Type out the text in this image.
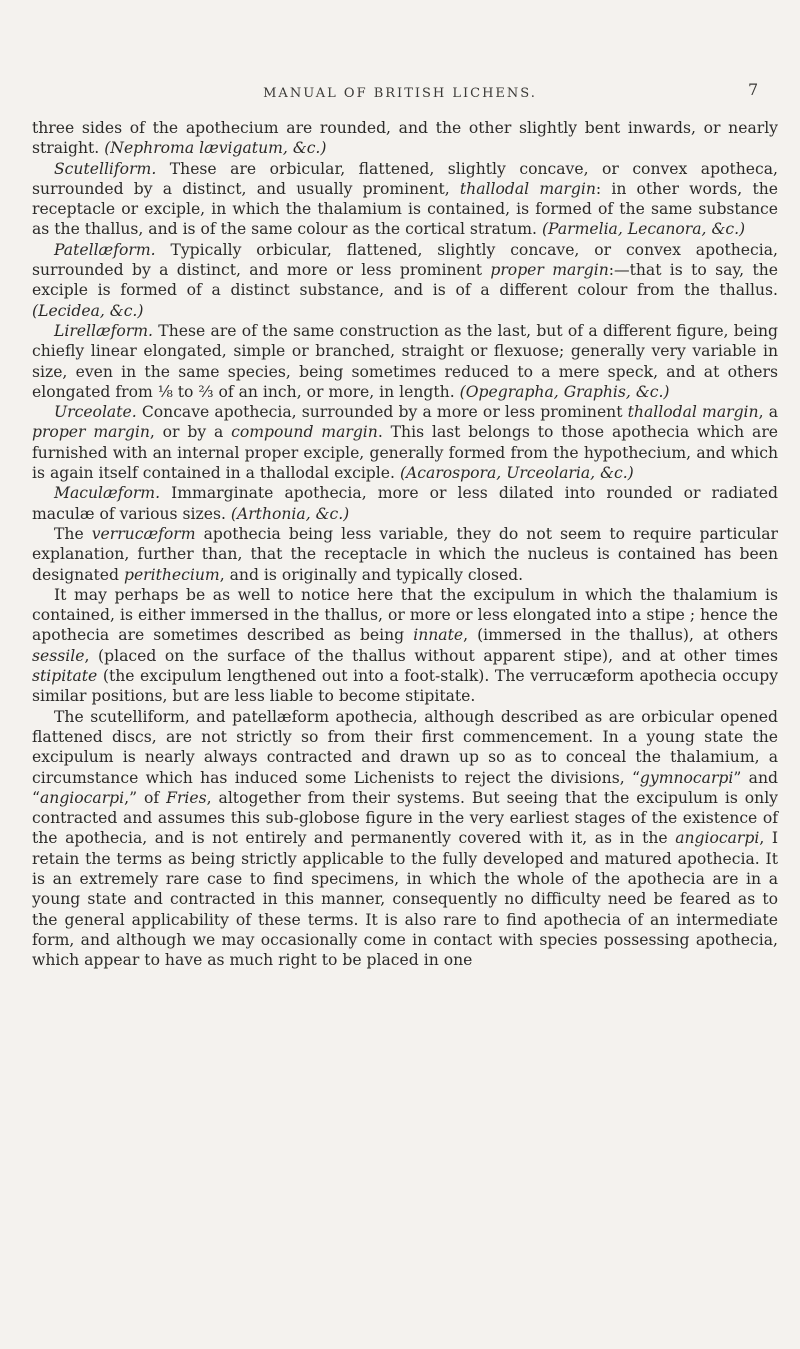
MANUAL OF BRITISH LICHENS.	7

three sides of the apothecium are rounded, and the other slightly bent inwards, or nearly straight. (Nephroma lævigatum, &c.)

Scutelliform. These are orbicular, flattened, slightly concave, or convex apotheca, surrounded by a distinct, and usually prominent, thallodal margin: in other words, the receptacle or exciple, in which the thalamium is contained, is formed of the same substance as the thallus, and is of the same colour as the cortical stratum. (Parmelia, Lecanora, &c.)

Patellæform. Typically orbicular, flattened, slightly concave, or convex apothecia, surrounded by a distinct, and more or less prominent proper margin:—that is to say, the exciple is formed of a distinct substance, and is of a different colour from the thallus. (Lecidea, &c.)

Lirellæform. These are of the same construction as the last, but of a different figure, being chiefly linear elongated, simple or branched, straight or flexuose; generally very variable in size, even in the same species, being sometimes reduced to a mere speck, and at others elongated from ⅛ to ⅔ of an inch, or more, in length. (Opegrapha, Graphis, &c.)

Urceolate. Concave apothecia, surrounded by a more or less prominent thallodal margin, a proper margin, or by a compound margin. This last belongs to those apothecia which are furnished with an internal proper exciple, generally formed from the hypothecium, and which is again itself contained in a thallodal exciple. (Acarospora, Urceolaria, &c.)

Maculæform. Immarginate apothecia, more or less dilated into rounded or radiated maculæ of various sizes. (Arthonia, &c.)

The verrucæform apothecia being less variable, they do not seem to require particular explanation, further than, that the receptacle in which the nucleus is contained has been designated perithecium, and is originally and typically closed.

It may perhaps be as well to notice here that the excipulum in which the thalamium is contained, is either immersed in the thallus, or more or less elongated into a stipe ; hence the apothecia are sometimes described as being innate, (immersed in the thallus), at others sessile, (placed on the surface of the thallus without apparent stipe), and at other times stipitate (the excipulum lengthened out into a foot-stalk). The verrucæform apothecia occupy similar positions, but are less liable to become stipitate.

The scutelliform, and patellæform apothecia, although described as are orbicular opened flattened discs, are not strictly so from their first commencement. In a young state the excipulum is nearly always contracted and drawn up so as to conceal the thalamium, a circumstance which has induced some Lichenists to reject the divisions, “gymnocarpi” and “angiocarpi,” of Fries, altogether from their systems. But seeing that the excipulum is only contracted and assumes this sub-globose figure in the very earliest stages of the existence of the apothecia, and is not entirely and permanently covered with it, as in the angiocarpi, I retain the terms as being strictly applicable to the fully developed and matured apothecia. It is an extremely rare case to find specimens, in which the whole of the apothecia are in a young state and contracted in this manner, consequently no difficulty need be feared as to the general applicability of these terms. It is also rare to find apothecia of an intermediate form, and although we may occasionally come in contact with species possessing apothecia, which appear to have as much right to be placed in one
